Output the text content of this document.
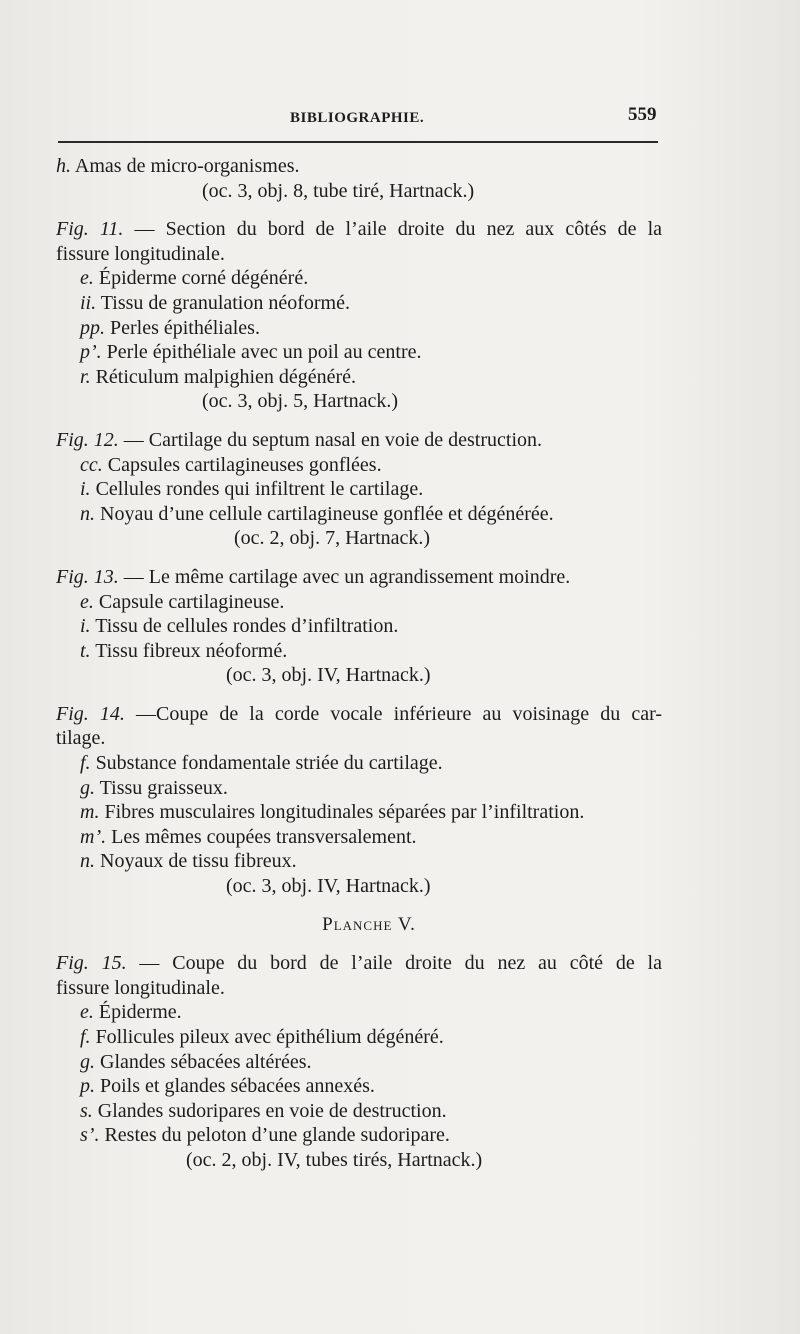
BIBLIOGRAPHIE.	559

h. Amas de micro-organismes.

(oc. 3, obj. 8, tube tiré, Hartnack.)

Fig. 11. — Section du bord de l’aile droite du nez aux côtés de la

fissure longitudinale.

e. Épiderme corné dégénéré.

ii. Tissu de granulation néoformé.

pp. Perles épithéliales.

p’. Perle épithéliale avec un poil au centre.

r. Réticulum malpighien dégénéré.

(oc. 3, obj. 5, Hartnack.)

Fig. 12. — Cartilage du septum nasal en voie de destruction.

cc. Capsules cartilagineuses gonflées.

i. Cellules rondes qui infiltrent le cartilage.

n. Noyau d’une cellule cartilagineuse gonflée et dégénérée.

(oc. 2, obj. 7, Hartnack.)

Fig. 13. — Le même cartilage avec un agrandissement moindre.

e. Capsule cartilagineuse.

i. Tissu de cellules rondes d’infiltration.

t. Tissu fibreux néoformé.

(oc. 3, obj. IV, Hartnack.)

Fig. 14. —Coupe de la corde vocale inférieure au voisinage du car-

tilage.

f. Substance fondamentale striée du cartilage.

g. Tissu graisseux.

m. Fibres musculaires longitudinales séparées par l’infiltration.

m’. Les mêmes coupées transversalement.

n. Noyaux de tissu fibreux.

(oc. 3, obj. IV, Hartnack.)

Planche V.

Fig. 15. — Coupe du bord de l’aile droite du nez au côté de la

fissure longitudinale.

e. Épiderme.

f. Follicules pileux avec épithélium dégénéré.

g. Glandes sébacées altérées.

p. Poils et glandes sébacées annexés.

s. Glandes sudoripares en voie de destruction.

s’. Restes du peloton d’une glande sudoripare.

(oc. 2, obj. IV, tubes tirés, Hartnack.)
